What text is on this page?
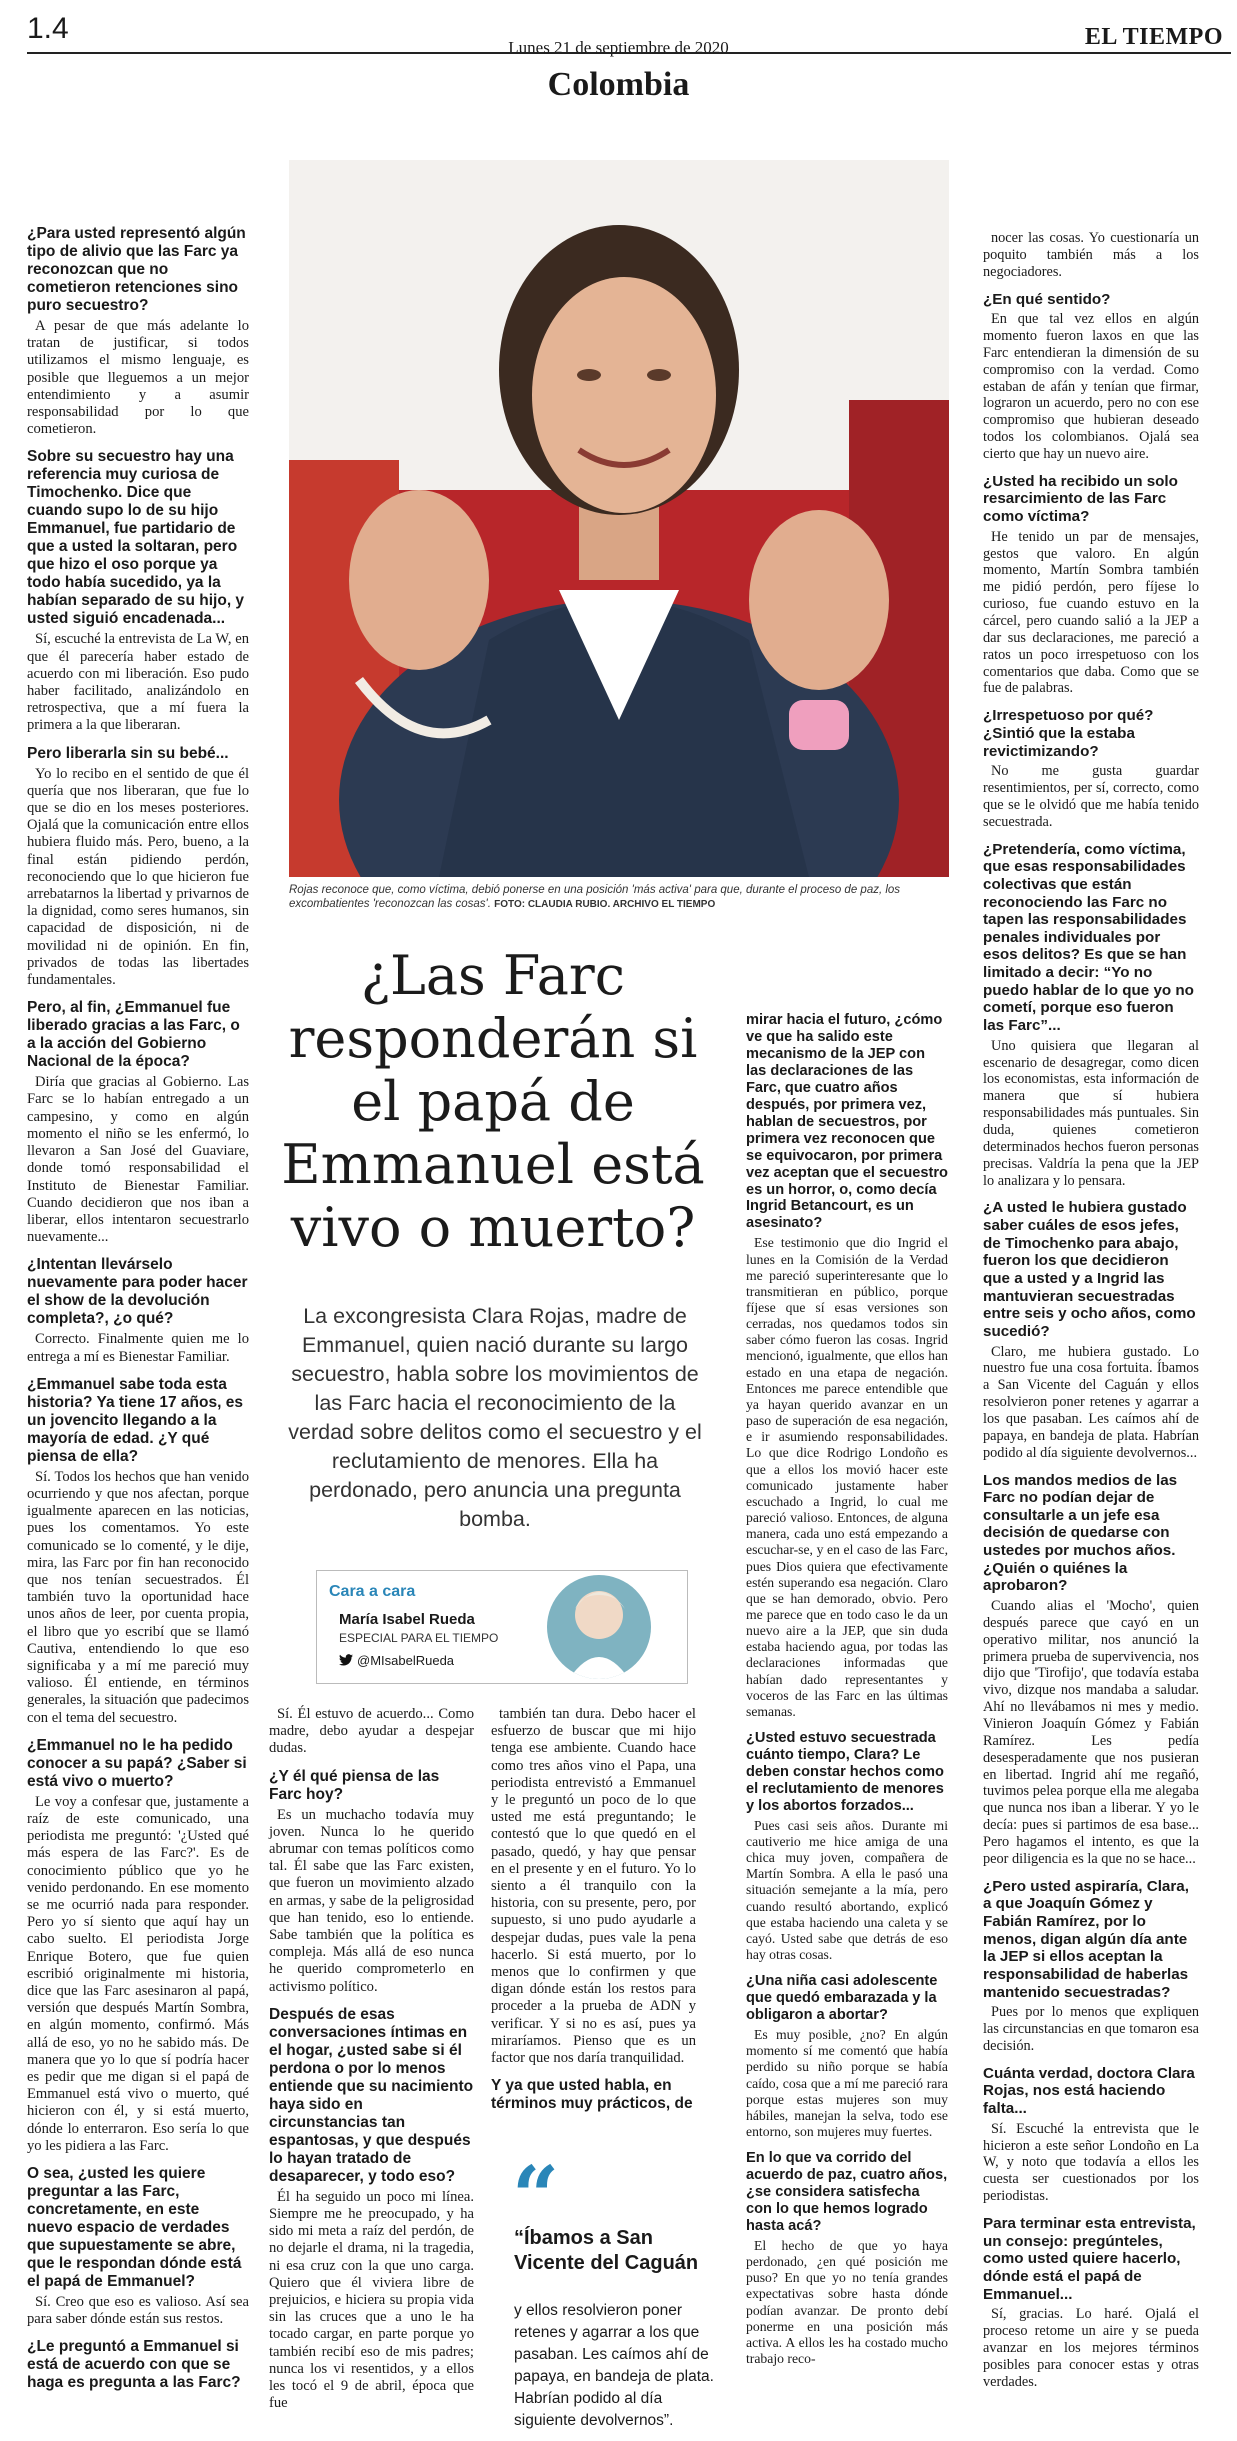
1.4
Lunes 21 de septiembre de 2020	EL TIEMPO
Colombia
Rojas reconoce que, como víctima, debió ponerse en una posición 'más activa' para que, durante el proceso de paz, los excombatientes 'reconozcan las cosas'. FOTO: CLAUDIA RUBIO. ARCHIVO EL TIEMPO
¿Las Farc responderán si el papá de Emmanuel está vivo o muerto?
La excongresista Clara Rojas, madre de Emmanuel, quien nació durante su largo secuestro, habla sobre los movimientos de las Farc hacia el reconocimiento de la verdad sobre delitos como el secuestro y el reclutamiento de menores. Ella ha perdonado, pero anuncia una pregunta bomba.
Cara a cara
María Isabel Rueda
ESPECIAL PARA EL TIEMPO
@MIsabelRueda
“
“Íbamos a San Vicente del Caguán
y ellos resolvieron poner retenes y agarrar a los que pasaban. Les caímos ahí de papaya, en bandeja de plata. Habrían podido al día siguiente devolvernos”.
¿Para usted representó algún tipo de alivio que las Farc ya reconozcan que no cometieron retenciones sino puro secuestro?

A pesar de que más adelante lo tratan de justificar, si todos utilizamos el mismo lenguaje, es posible que lleguemos a un mejor entendimiento y a asumir responsabilidad por lo que cometieron.

Sobre su secuestro hay una referencia muy curiosa de Timochenko. Dice que cuando supo lo de su hijo Emmanuel, fue partidario de que a usted la soltaran, pero que hizo el oso porque ya todo había sucedido, ya la habían separado de su hijo, y usted siguió encadenada...

Sí, escuché la entrevista de La W, en que él parecería haber estado de acuerdo con mi liberación. Eso pudo haber facilitado, analizándolo en retrospectiva, que a mí fuera la primera a la que liberaran.

Pero liberarla sin su bebé...

Yo lo recibo en el sentido de que él quería que nos liberaran, que fue lo que se dio en los meses posteriores. Ojalá que la comunicación entre ellos hubiera fluido más. Pero, bueno, a la final están pidiendo perdón, reconociendo que lo que hicieron fue arrebatarnos la libertad y privarnos de la dignidad, como seres humanos, sin capacidad de disposición, ni de movilidad ni de opinión. En fin, privados de todas las libertades fundamentales.

Pero, al fin, ¿Emmanuel fue liberado gracias a las Farc, o a la acción del Gobierno Nacional de la época?

Diría que gracias al Gobierno. Las Farc se lo habían entregado a un campesino, y como en algún momento el niño se les enfermó, lo llevaron a San José del Guaviare, donde tomó responsabilidad el Instituto de Bienestar Familiar. Cuando decidieron que nos iban a liberar, ellos intentaron secuestrarlo nuevamente...

¿Intentan llevárselo nuevamente para poder hacer el show de la devolución completa?, ¿o qué?

Correcto. Finalmente quien me lo entrega a mí es Bienestar Familiar.

¿Emmanuel sabe toda esta historia? Ya tiene 17 años, es un jovencito llegando a la mayoría de edad. ¿Y qué piensa de ella?

Sí. Todos los hechos que han venido ocurriendo y que nos afectan, porque igualmente aparecen en las noticias, pues los comentamos. Yo este comunicado se lo comenté, y le dije, mira, las Farc por fin han reconocido que nos tenían secuestrados. Él también tuvo la oportunidad hace unos años de leer, por cuenta propia, el libro que yo escribí que se llamó Cautiva, entendiendo lo que eso significaba y a mí me pareció muy valioso. Él entiende, en términos generales, la situación que padecimos con el tema del secuestro.

¿Emmanuel no le ha pedido conocer a su papá? ¿Saber si está vivo o muerto?

Le voy a confesar que, justamente a raíz de este comunicado, una periodista me preguntó: '¿Usted qué más espera de las Farc?'. Es de conocimiento público que yo he venido perdonando. En ese momento se me ocurrió nada para responder. Pero yo sí siento que aquí hay un cabo suelto. El periodista Jorge Enrique Botero, que fue quien escribió originalmente mi historia, dice que las Farc asesinaron al papá, versión que después Martín Sombra, en algún momento, confirmó. Más allá de eso, yo no he sabido más. De manera que yo lo que sí podría hacer es pedir que me digan si el papá de Emmanuel está vivo o muerto, qué hicieron con él, y si está muerto, dónde lo enterraron. Eso sería lo que yo les pidiera a las Farc.

O sea, ¿usted les quiere preguntar a las Farc, concretamente, en este nuevo espacio de verdades que supuestamente se abre, que le respondan dónde está el papá de Emmanuel?

Sí. Creo que eso es valioso. Así sea para saber dónde están sus restos.

¿Le preguntó a Emmanuel si está de acuerdo con que se haga es pregunta a las Farc?

Sí. Él estuvo de acuerdo... Como madre, debo ayudar a despejar dudas.

¿Y él qué piensa de las Farc hoy?

Es un muchacho todavía muy joven. Nunca lo he querido abrumar con temas políticos como tal. Él sabe que las Farc existen, que fueron un movimiento alzado en armas, y sabe de la peligrosidad que han tenido, eso lo entiende. Sabe también que la política es compleja. Más allá de eso nunca he querido comprometerlo en activismo político.

Después de esas conversaciones íntimas en el hogar, ¿usted sabe si él perdona o por lo menos entiende que su nacimiento haya sido en circunstancias tan espantosas, y que después lo hayan tratado de desaparecer, y todo eso?

Él ha seguido un poco mi línea. Siempre me he preocupado, y ha sido mi meta a raíz del perdón, de no dejarle el drama, ni la tragedia, ni esa cruz con la que uno carga. Quiero que él viviera libre de prejuicios, e hiciera su propia vida sin las cruces que a uno le ha tocado cargar, en parte porque yo también recibí eso de mis padres; nunca los vi resentidos, y a ellos les tocó el 9 de abril, época que fue

también tan dura. Debo hacer el esfuerzo de buscar que mi hijo tenga ese ambiente. Cuando hace como tres años vino el Papa, una periodista entrevistó a Emmanuel y le preguntó un poco de lo que usted me está preguntando; le contestó que lo que quedó en el pasado, quedó, y hay que pensar en el presente y en el futuro. Yo lo siento a él tranquilo con la historia, con su presente, pero, por supuesto, si uno pudo ayudarle a despejar dudas, pues vale la pena hacerlo. Si está muerto, por lo menos que lo confirmen y que digan dónde están los restos para proceder a la prueba de ADN y verificar. Y si no es así, pues ya miraríamos. Pienso que es un factor que nos daría tranquilidad.

Y ya que usted habla, en términos muy prácticos, de
mirar hacia el futuro, ¿cómo ve que ha salido este mecanismo de la JEP con las declaraciones de las Farc, que cuatro años después, por primera vez, hablan de secuestros, por primera vez reconocen que se equivocaron, por primera vez aceptan que el secuestro es un horror, o, como decía Ingrid Betancourt, es un asesinato?

Ese testimonio que dio Ingrid el lunes en la Comisión de la Verdad me pareció superinteresante que lo transmitieran en público, porque fíjese que sí esas versiones son cerradas, nos quedamos todos sin saber cómo fueron las cosas. Ingrid mencionó, igualmente, que ellos han estado en una etapa de negación. Entonces me parece entendible que ya hayan querido avanzar en un paso de superación de esa negación, e ir asumiendo responsabilidades. Lo que dice Rodrigo Londoño es que a ellos los movió hacer este comunicado justamente haber escuchado a Ingrid, lo cual me pareció valioso. Entonces, de alguna manera, cada uno está empezando a escuchar-se, y en el caso de las Farc, pues Dios quiera que efectivamente estén superando esa negación. Claro que se han demorado, obvio. Pero me parece que en todo caso le da un nuevo aire a la JEP, que sin duda estaba haciendo agua, por todas las declaraciones informadas que habían dado representantes y voceros de las Farc en las últimas semanas.

¿Usted estuvo secuestrada cuánto tiempo, Clara? Le deben constar hechos como el reclutamiento de menores y los abortos forzados...

Pues casi seis años. Durante mi cautiverio me hice amiga de una chica muy joven, compañera de Martín Sombra. A ella le pasó una situación semejante a la mía, pero cuando resultó abortando, explicó que estaba haciendo una caleta y se cayó. Usted sabe que detrás de eso hay otras cosas.

¿Una niña casi adolescente que quedó embarazada y la obligaron a abortar?

Es muy posible, ¿no? En algún momento sí me comentó que había perdido su niño porque se había caído, cosa que a mí me pareció rara porque estas mujeres son muy hábiles, manejan la selva, todo ese entorno, son mujeres muy fuertes.

En lo que va corrido del acuerdo de paz, cuatro años, ¿se considera satisfecha con lo que hemos logrado hasta acá?

El hecho de que yo haya perdonado, ¿en qué posición me puso? En que yo no tenía grandes expectativas sobre hasta dónde podían avanzar. De pronto debí ponerme en una posición más activa. A ellos les ha costado mucho trabajo reco-

nocer las cosas. Yo cuestionaría un poquito también más a los negociadores.

¿En qué sentido?

En que tal vez ellos en algún momento fueron laxos en que las Farc entendieran la dimensión de su compromiso con la verdad. Como estaban de afán y tenían que firmar, lograron un acuerdo, pero no con ese compromiso que hubieran deseado todos los colombianos. Ojalá sea cierto que hay un nuevo aire.

¿Usted ha recibido un solo resarcimiento de las Farc como víctima?

He tenido un par de mensajes, gestos que valoro. En algún momento, Martín Sombra también me pidió perdón, pero fíjese lo curioso, fue cuando estuvo en la cárcel, pero cuando salió a la JEP a dar sus declaraciones, me pareció a ratos un poco irrespetuoso con los comentarios que daba. Como que se fue de palabras.

¿Irrespetuoso por qué? ¿Sintió que la estaba revictimizando?

No me gusta guardar resentimientos, per sí, correcto, como que se le olvidó que me había tenido secuestrada.

¿Pretendería, como víctima, que esas responsabilidades colectivas que están reconociendo las Farc no tapen las responsabilidades penales individuales por esos delitos? Es que se han limitado a decir: “Yo no puedo hablar de lo que yo no cometí, porque eso fueron las Farc”...

Uno quisiera que llegaran al escenario de desagregar, como dicen los economistas, esta información de manera que sí hubiera responsabilidades más puntuales. Sin duda, quienes cometieron determinados hechos fueron personas precisas. Valdría la pena que la JEP lo analizara y lo pensara.

¿A usted le hubiera gustado saber cuáles de esos jefes, de Timochenko para abajo, fueron los que decidieron que a usted y a Ingrid las mantuvieran secuestradas entre seis y ocho años, como sucedió?

Claro, me hubiera gustado. Lo nuestro fue una cosa fortuita. Íbamos a San Vicente del Caguán y ellos resolvieron poner retenes y agarrar a los que pasaban. Les caímos ahí de papaya, en bandeja de plata. Habrían podido al día siguiente devolvernos...

Los mandos medios de las Farc no podían dejar de consultarle a un jefe esa decisión de quedarse con ustedes por muchos años. ¿Quién o quiénes la aprobaron?

Cuando alias el 'Mocho', quien después parece que cayó en un operativo militar, nos anunció la primera prueba de supervivencia, nos dijo que 'Tirofijo', que todavía estaba vivo, dizque nos mandaba a saludar. Ahí no llevábamos ni mes y medio. Vinieron Joaquín Gómez y Fabián Ramírez. Les pedía desesperadamente que nos pusieran en libertad. Ingrid ahí me regañó, tuvimos pelea porque ella me alegaba que nunca nos iban a liberar. Y yo le decía: pues si partimos de esa base... Pero hagamos el intento, es que la peor diligencia es la que no se hace...

¿Pero usted aspiraría, Clara, a que Joaquín Gómez y Fabián Ramírez, por lo menos, digan algún día ante la JEP si ellos aceptan la responsabilidad de haberlas mantenido secuestradas?

Pues por lo menos que expliquen las circunstancias en que tomaron esa decisión.

Cuánta verdad, doctora Clara Rojas, nos está haciendo falta...

Sí. Escuché la entrevista que le hicieron a este señor Londoño en La W, y noto que todavía a ellos les cuesta ser cuestionados por los periodistas.

Para terminar esta entrevista, un consejo: pregúnteles, como usted quiere hacerlo, dónde está el papá de Emmanuel...

Sí, gracias. Lo haré. Ojalá el proceso retome un aire y se pueda avanzar en los mejores términos posibles para conocer estas y otras verdades.
